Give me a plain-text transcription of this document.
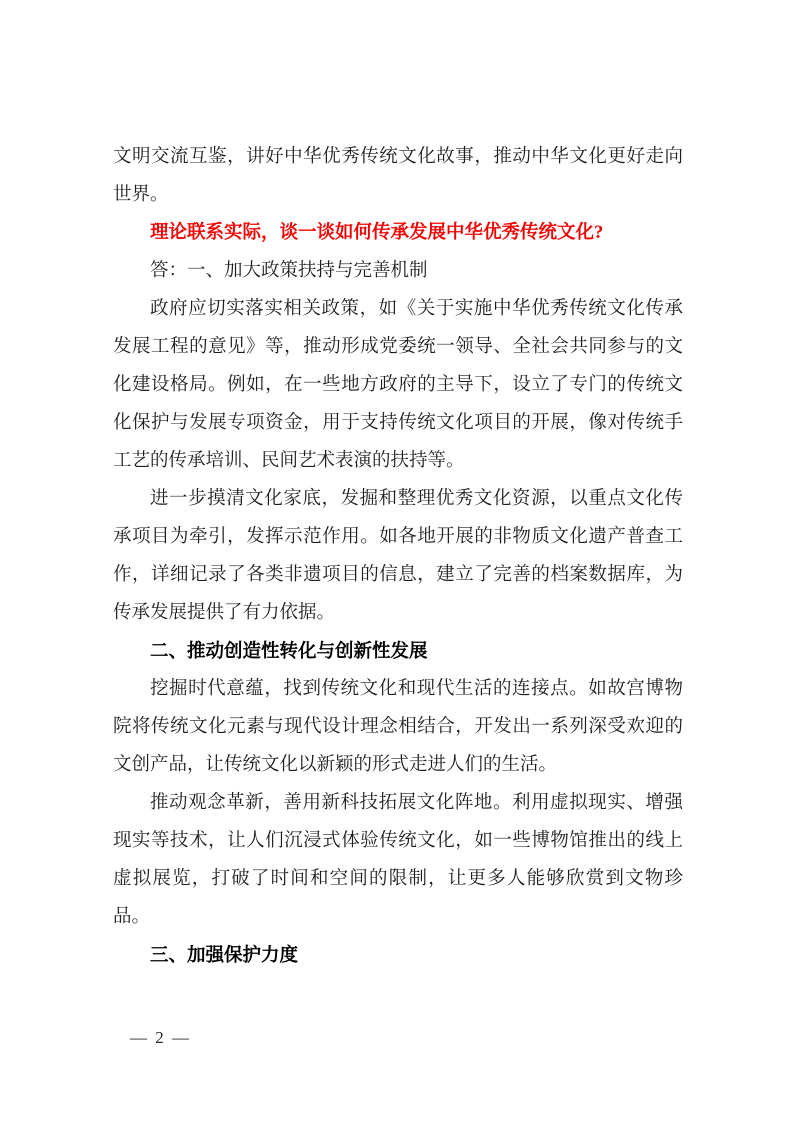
文明交流互鉴，讲好中华优秀传统文化故事，推动中华文化更好走向世界。

理论联系实际，谈一谈如何传承发展中华优秀传统文化?

答：一、加大政策扶持与完善机制

政府应切实落实相关政策，如《关于实施中华优秀传统文化传承发展工程的意见》等，推动形成党委统一领导、全社会共同参与的文化建设格局。例如，在一些地方政府的主导下，设立了专门的传统文化保护与发展专项资金，用于支持传统文化项目的开展，像对传统手工艺的传承培训、民间艺术表演的扶持等。

进一步摸清文化家底，发掘和整理优秀文化资源，以重点文化传承项目为牵引，发挥示范作用。如各地开展的非物质文化遗产普查工作，详细记录了各类非遗项目的信息，建立了完善的档案数据库，为传承发展提供了有力依据。

二、推动创造性转化与创新性发展

挖掘时代意蕴，找到传统文化和现代生活的连接点。如故宫博物院将传统文化元素与现代设计理念相结合，开发出一系列深受欢迎的文创产品，让传统文化以新颖的形式走进人们的生活。

推动观念革新，善用新科技拓展文化阵地。利用虚拟现实、增强现实等技术，让人们沉浸式体验传统文化，如一些博物馆推出的线上虚拟展览，打破了时间和空间的限制，让更多人能够欣赏到文物珍品。

三、加强保护力度

— 2 —
